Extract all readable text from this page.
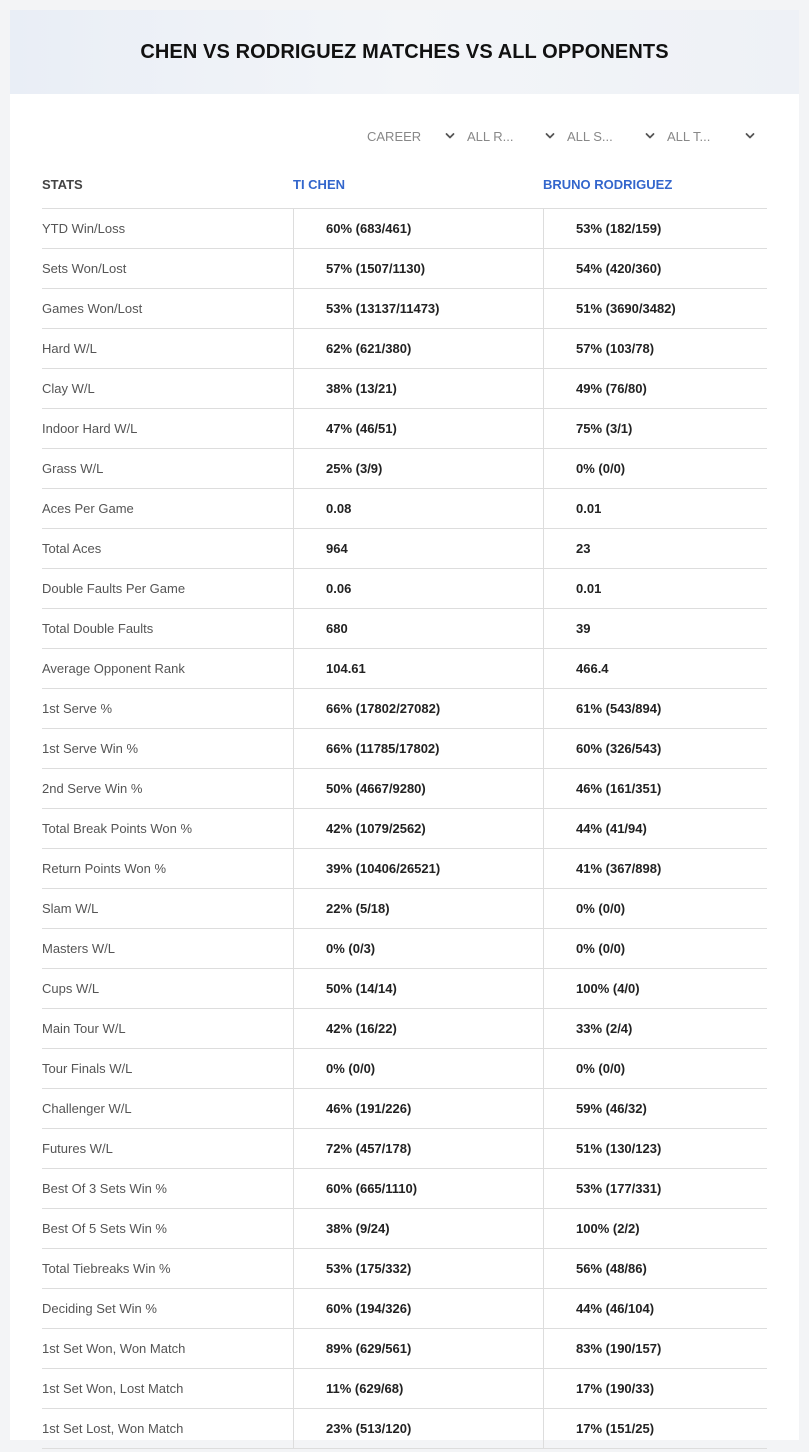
CHEN VS RODRIGUEZ MATCHES VS ALL OPPONENTS
CAREER	ALL R...	ALL S...	ALL T...
STATS	TI CHEN	BRUNO RODRIGUEZ
YTD Win/Loss	60% (683/461)	53% (182/159)
Sets Won/Lost	57% (1507/1130)	54% (420/360)
Games Won/Lost	53% (13137/11473)	51% (3690/3482)
Hard W/L	62% (621/380)	57% (103/78)
Clay W/L	38% (13/21)	49% (76/80)
Indoor Hard W/L	47% (46/51)	75% (3/1)
Grass W/L	25% (3/9)	0% (0/0)
Aces Per Game	0.08	0.01
Total Aces	964	23
Double Faults Per Game	0.06	0.01
Total Double Faults	680	39
Average Opponent Rank	104.61	466.4
1st Serve %	66% (17802/27082)	61% (543/894)
1st Serve Win %	66% (11785/17802)	60% (326/543)
2nd Serve Win %	50% (4667/9280)	46% (161/351)
Total Break Points Won %	42% (1079/2562)	44% (41/94)
Return Points Won %	39% (10406/26521)	41% (367/898)
Slam W/L	22% (5/18)	0% (0/0)
Masters W/L	0% (0/3)	0% (0/0)
Cups W/L	50% (14/14)	100% (4/0)
Main Tour W/L	42% (16/22)	33% (2/4)
Tour Finals W/L	0% (0/0)	0% (0/0)
Challenger W/L	46% (191/226)	59% (46/32)
Futures W/L	72% (457/178)	51% (130/123)
Best Of 3 Sets Win %	60% (665/1110)	53% (177/331)
Best Of 5 Sets Win %	38% (9/24)	100% (2/2)
Total Tiebreaks Win %	53% (175/332)	56% (48/86)
Deciding Set Win %	60% (194/326)	44% (46/104)
1st Set Won, Won Match	89% (629/561)	83% (190/157)
1st Set Won, Lost Match	11% (629/68)	17% (190/33)
1st Set Lost, Won Match	23% (513/120)	17% (151/25)
